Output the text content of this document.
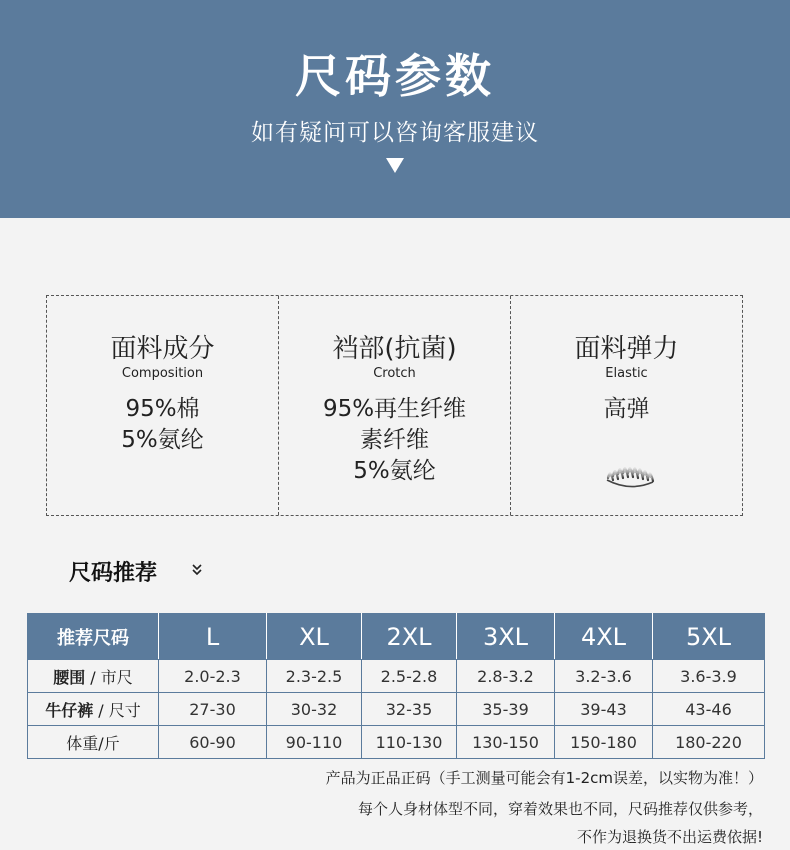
尺码参数
如有疑问可以咨询客服建议
面料成分
Composition
95%棉
5%氨纶
裆部(抗菌)
Crotch
95%再生纤维
素纤维
5%氨纶
面料弹力
Elastic
高弹
尺码推荐
推荐尺码	L	XL	2XL	3XL	4XL	5XL
腰围 / 市尺	2.0-2.3	2.3-2.5	2.5-2.8	2.8-3.2	3.2-3.6	3.6-3.9
牛仔裤 / 尺寸	27-30	30-32	32-35	35-39	39-43	43-46
体重/斤	60-90	90-110	110-130	130-150	150-180	180-220
产品为正品正码（手工测量可能会有1-2cm误差，以实物为准！）
每个人身材体型不同，穿着效果也不同，尺码推荐仅供参考，
不作为退换货不出运费依据!
